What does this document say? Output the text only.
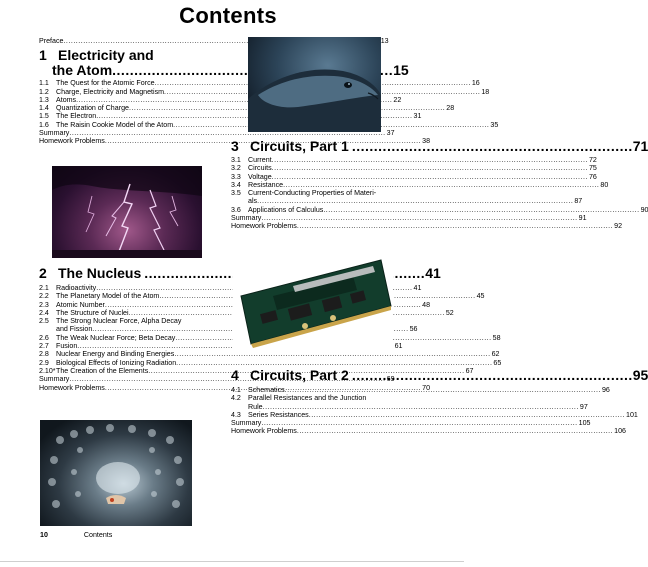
Contents
Preface .....	13
1 Electricity and
the Atom .....	15
1.1	The Quest for the Atomic Force .....	16
1.2	Charge, Electricity and Magnetism .....	18
1.3	Atoms .....	22
1.4	Quantization of Charge .....	28
1.5	The Electron .....	31
1.6	The Raisin Cookie Model of the Atom .....	35
Summary .....	37
Homework Problems .....	38
2 The Nucleus .....	41
2.1	Radioactivity .....	41
2.2	The Planetary Model of the Atom .....	45
2.3	Atomic Number .....	48
2.4	The Structure of Nuclei .....	52
2.5	The Strong Nuclear Force, Alpha Decay
and Fission .....	56
2.6	The Weak Nuclear Force; Beta Decay .....	58
2.7	Fusion .....	61
2.8	Nuclear Energy and Binding Energies .....	62
2.9	Biological Effects of Ionizing Radiation .....	65
2.10* The Creation of the Elements .....	67
Summary .....	69
Homework Problems .....	70
3 Circuits, Part 1 .....	71
3.1	Current .....	72
3.2	Circuits .....	75
3.3	Voltage .....	76
3.4	Resistance .....	80
3.5	Current-Conducting Properties of Materi-
als .....	87
3.6	Applications of Calculus .....	90
Summary .....	91
Homework Problems .....	92
4 Circuits, Part 2 .....	95
4.1	Schematics .....	96
4.2	Parallel Resistances and the Junction
Rule .....	97
4.3	Series Resistances .....	101
Summary .....	105
Homework Problems .....	106
10	Contents
